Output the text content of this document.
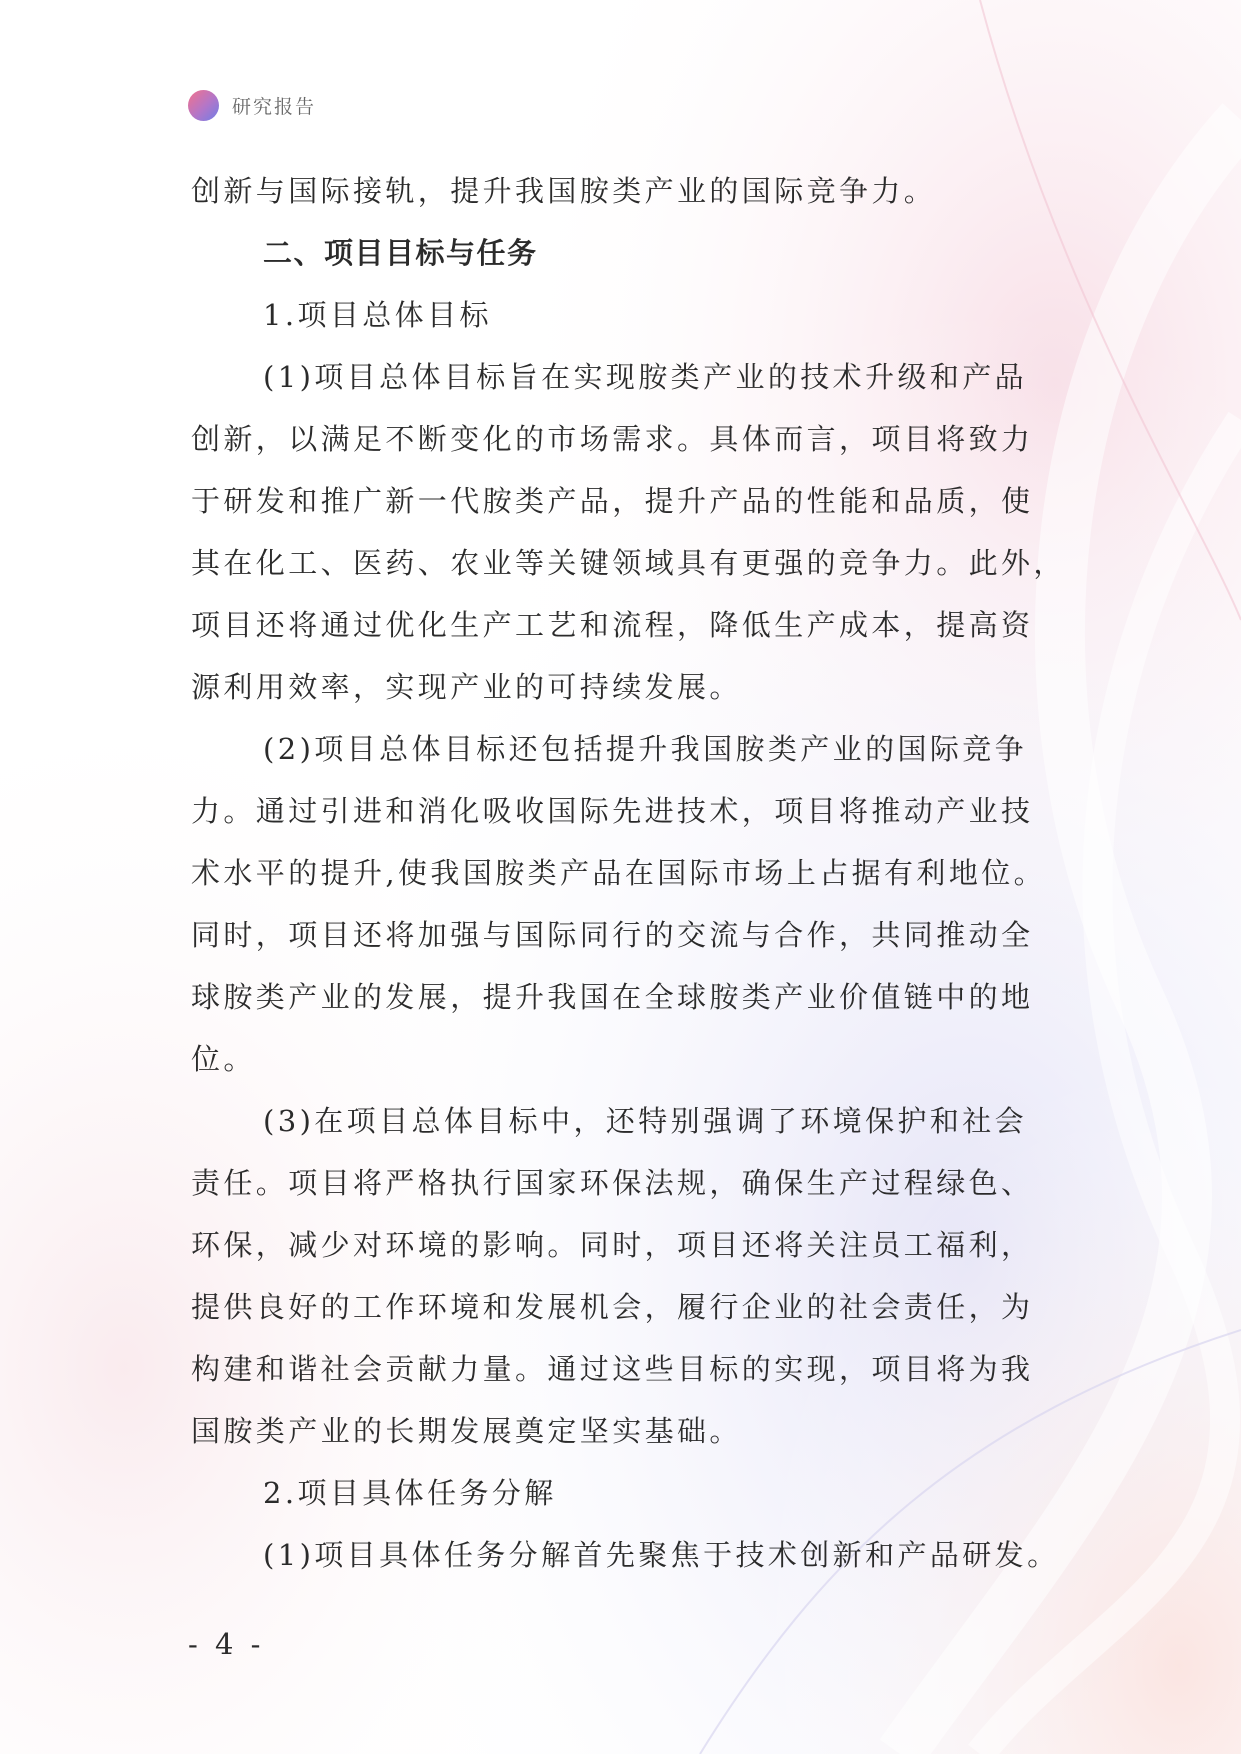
研究报告
创新与国际接轨，提升我国胺类产业的国际竞争力。
二、项目目标与任务
1.项目总体目标
(1)项目总体目标旨在实现胺类产业的技术升级和产品
创新，以满足不断变化的市场需求。具体而言，项目将致力
于研发和推广新一代胺类产品，提升产品的性能和品质，使
其在化工、医药、农业等关键领域具有更强的竞争力。此外，
项目还将通过优化生产工艺和流程，降低生产成本，提高资
源利用效率，实现产业的可持续发展。
(2)项目总体目标还包括提升我国胺类产业的国际竞争
力。通过引进和消化吸收国际先进技术，项目将推动产业技
术水平的提升,使我国胺类产品在国际市场上占据有利地位。
同时，项目还将加强与国际同行的交流与合作，共同推动全
球胺类产业的发展，提升我国在全球胺类产业价值链中的地
位。
(3)在项目总体目标中，还特别强调了环境保护和社会
责任。项目将严格执行国家环保法规，确保生产过程绿色、
环保，减少对环境的影响。同时，项目还将关注员工福利，
提供良好的工作环境和发展机会，履行企业的社会责任，为
构建和谐社会贡献力量。通过这些目标的实现，项目将为我
国胺类产业的长期发展奠定坚实基础。
2.项目具体任务分解
(1)项目具体任务分解首先聚焦于技术创新和产品研发。
- 4 -
